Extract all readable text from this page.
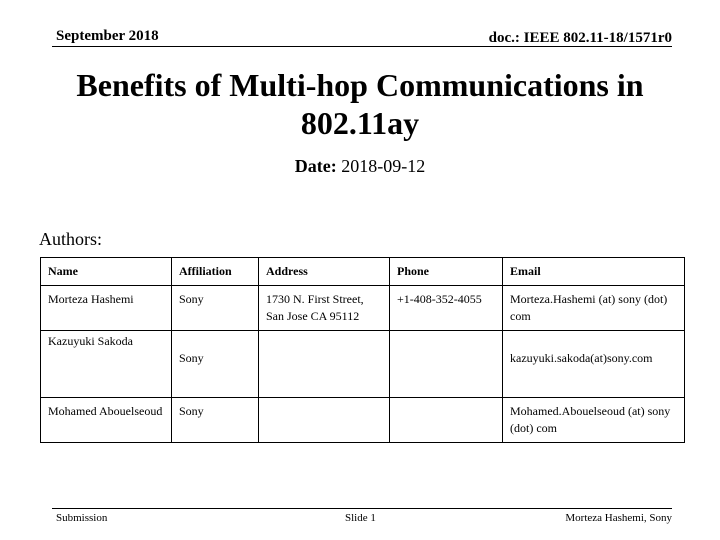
September 2018	doc.: IEEE 802.11-18/1571r0
Benefits of Multi-hop Communications in 802.11ay
Date: 2018-09-12
Authors:
Name	Affiliation	Address	Phone	Email
Morteza Hashemi	Sony	1730 N. First Street, San Jose CA 95112	+1-408-352-4055	Morteza.Hashemi (at) sony (dot) com
Kazuyuki Sakoda	Sony			kazuyuki.sakoda(at)sony.com
Mohamed Abouelseoud	Sony			Mohamed.Abouelseoud (at) sony (dot) com
Submission	Slide 1	Morteza Hashemi, Sony
